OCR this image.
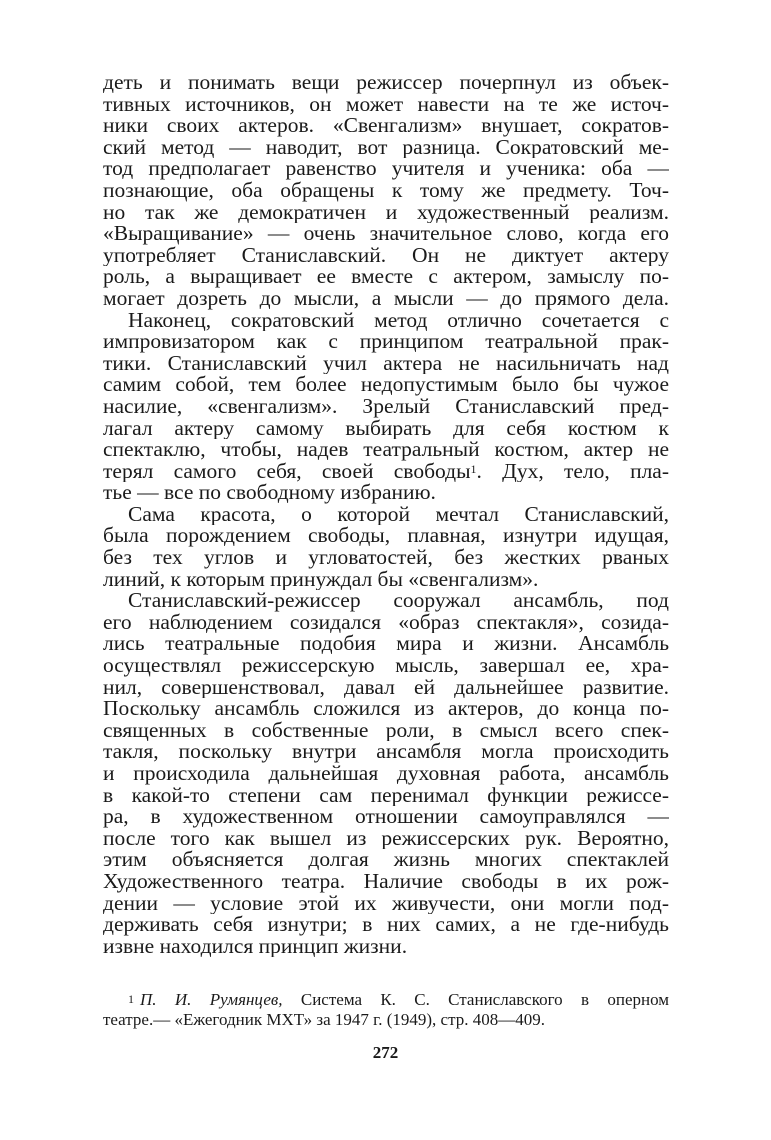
деть и понимать вещи режиссер почерпнул из объек-
тивных источников, он может навести на те же источ-
ники своих актеров. «Свенгализм» внушает, сократов-
ский метод — наводит, вот разница. Сократовский ме-
тод предполагает равенство учителя и ученика: оба —
познающие, оба обращены к тому же предмету. Точ-
но так же демократичен и художественный реализм.
«Выращивание» — очень значительное слово, когда его
употребляет Станиславский. Он не диктует актеру
роль, а выращивает ее вместе с актером, замыслу по-
могает дозреть до мысли, а мысли — до прямого дела.
Наконец, сократовский метод отлично сочетается с
импровизатором как с принципом театральной прак-
тики. Станиславский учил актера не насильничать над
самим собой, тем более недопустимым было бы чужое
насилие, «свенгализм». Зрелый Станиславский пред-
лагал актеру самому выбирать для себя костюм к
спектаклю, чтобы, надев театральный костюм, актер не
терял самого себя, своей свободы$^1$. Дух, тело, пла-
тье — все по свободному избранию.
Сама красота, о которой мечтал Станиславский,
была порождением свободы, плавная, изнутри идущая,
без тех углов и угловатостей, без жестких рваных
линий, к которым принуждал бы «свенгализм».
Станиславский-режиссер сооружал ансамбль, под
его наблюдением созидался «образ спектакля», созида-
лись театральные подобия мира и жизни. Ансамбль
осуществлял режиссерскую мысль, завершал ее, хра-
нил, совершенствовал, давал ей дальнейшее развитие.
Поскольку ансамбль сложился из актеров, до конца по-
священных в собственные роли, в смысл всего спек-
такля, поскольку внутри ансамбля могла происходить
и происходила дальнейшая духовная работа, ансамбль
в какой-то степени сам перенимал функции режиссе-
ра, в художественном отношении самоуправлялся —
после того как вышел из режиссерских рук. Вероятно,
этим объясняется долгая жизнь многих спектаклей
Художественного театра. Наличие свободы в их рож-
дении — условие этой их живучести, они могли под-
держивать себя изнутри; в них самих, а не где-нибудь
извне находился принцип жизни.
$^1$ П. И. Румянцев, Система К. С. Станиславского в оперном
театре.— «Ежегодник МХТ» за 1947 г. (1949), стр. 408—409.
272
